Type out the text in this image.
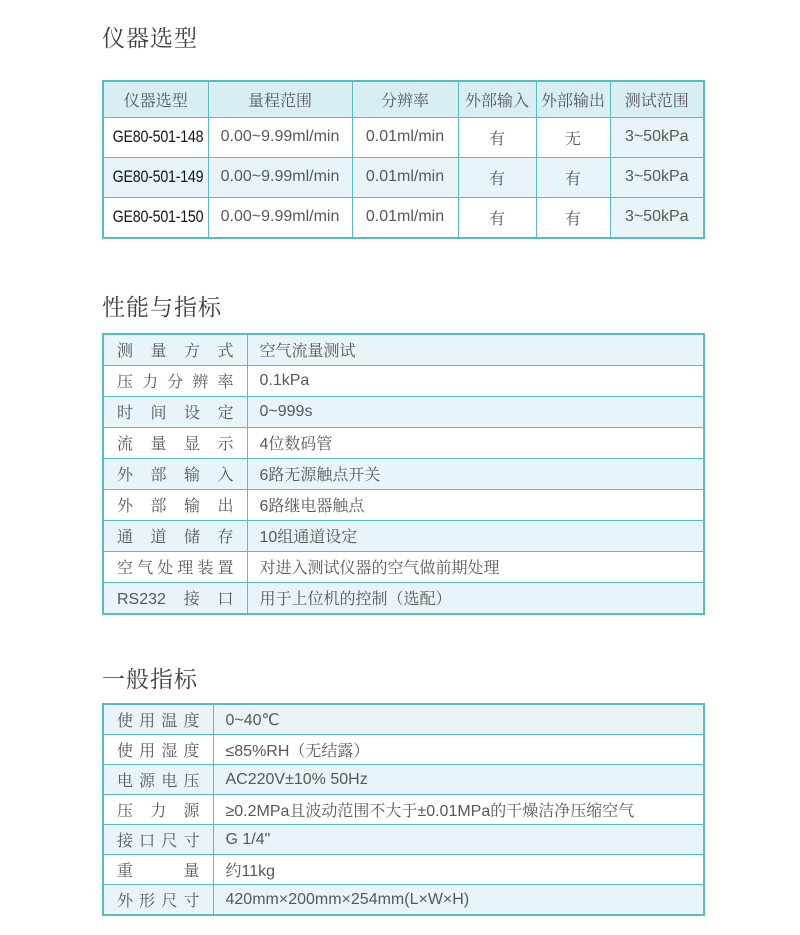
仪器选型
仪器选型	量程范围	分辨率	外部输入	外部输出	测试范围
GE80-501-148	0.00~9.99ml/min	0.01ml/min	有	无	3~50kPa
GE80-501-149	0.00~9.99ml/min	0.01ml/min	有	有	3~50kPa
GE80-501-150	0.00~9.99ml/min	0.01ml/min	有	有	3~50kPa
性能与指标
测量方式	空气流量测试

压力分辨率	0.1kPa

时间设定	0~999s

流量显示	4位数码管

外部输入	6路无源触点开关

外部输出	6路继电器触点

通道储存	10组通道设定

空气处理装置	对进入测试仪器的空气做前期处理

RS232接口	用于上位机的控制（选配）
一般指标
使用温度	0~40℃

使用湿度	≤85%RH（无结露）

电源电压	AC220V±10% 50Hz

压力源	≥0.2MPa且波动范围不大于±0.01MPa的干燥洁净压缩空气

接口尺寸	G 1/4"

重量	约11kg

外形尺寸	420mm×200mm×254mm(L×W×H)
